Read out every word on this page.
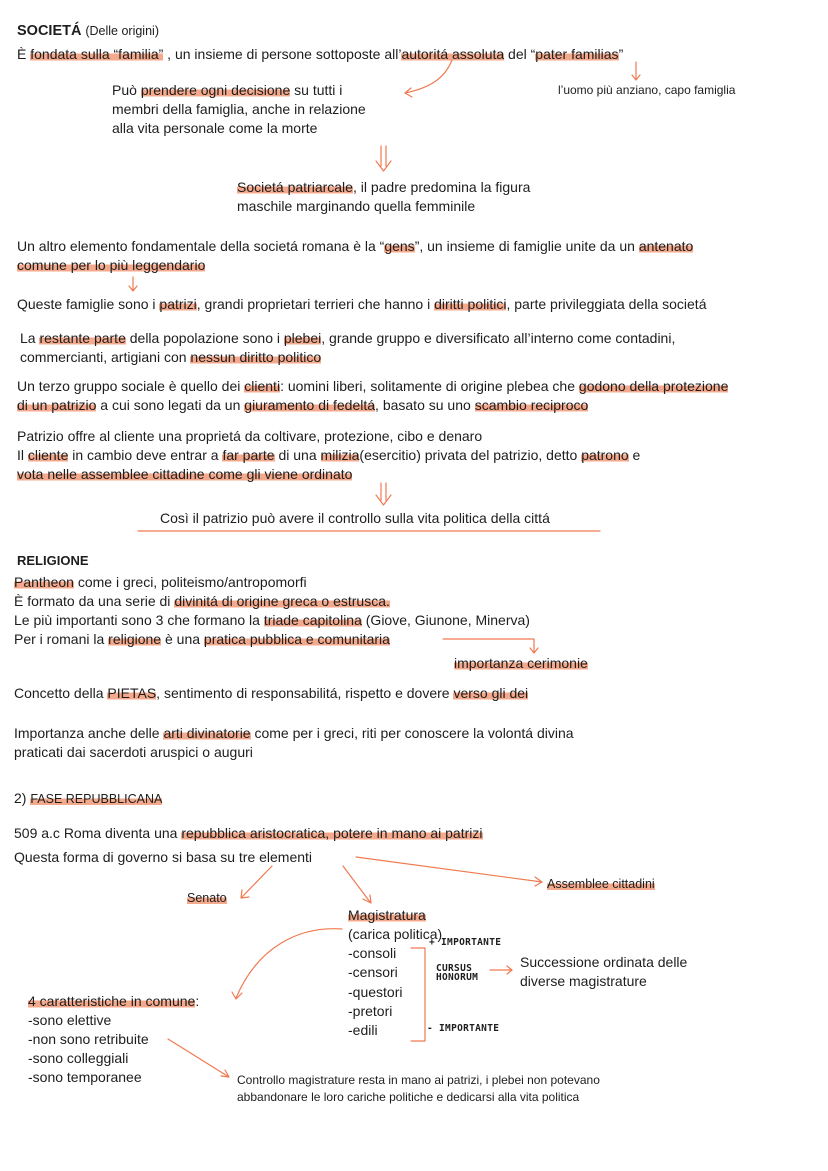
SOCIETÁ (Delle origini)
È fondata sulla “familia” , un insieme di persone sottoposte all’autoritá assoluta del “pater familias”
l’uomo più anziano, capo famiglia
Può prendere ogni decisione su tutti i
membri della famiglia, anche in relazione
alla vita personale come la morte
Societá patriarcale, il padre predomina la figura
maschile marginando quella femminile
Un altro elemento fondamentale della societá romana è la “gens”, un insieme di famiglie unite da un antenato
comune per lo più leggendario
Queste famiglie sono i patrizi, grandi proprietari terrieri che hanno i diritti politici, parte privileggiata della societá
La restante parte della popolazione sono i plebei, grande gruppo e diversificato all’interno come contadini,
commercianti, artigiani con nessun diritto politico
Un terzo gruppo sociale è quello dei clienti: uomini liberi, solitamente di origine plebea che godono della protezione
di un patrizio a cui sono legati da un giuramento di fedeltá, basato su uno scambio reciproco
Patrizio offre al cliente una proprietá da coltivare, protezione, cibo e denaro
Il cliente in cambio deve entrar a far parte di una milizia(esercitio) privata del patrizio, detto patrono e
vota nelle assemblee cittadine come gli viene ordinato
Così il patrizio può avere il controllo sulla vita politica della cittá
RELIGIONE
Pantheon come i greci, politeismo/antropomorfi
È formato da una serie di divinitá di origine greca o estrusca.
Le più importanti sono 3 che formano la triade capitolina (Giove, Giunone, Minerva)
Per i romani la religione è una pratica pubblica e comunitaria
importanza cerimonie
Concetto della PIETAS, sentimento di responsabilitá, rispetto e dovere verso gli dei
Importanza anche delle arti divinatorie come per i greci, riti per conoscere la volontá divina
praticati dai sacerdoti aruspici o auguri
2) FASE REPUBBLICANA
509 a.c Roma diventa una repubblica aristocratica, potere in mano ai patrizi
Questa forma di governo si basa su tre elementi
Senato
Assemblee cittadini
Magistratura
(carica politica)
-consoli
-censori
-questori
-pretori
-edili
+ IMPORTANTE
- IMPORTANTE
CURSUS
HONORUM
Successione ordinata delle
diverse magistrature
4 caratteristiche in comune:
-sono elettive
-non sono retribuite
-sono colleggiali
-sono temporanee	Controllo magistrature resta in mano ai patrizi, i plebei non potevano
abbandonare le loro cariche politiche e dedicarsi alla vita politica
